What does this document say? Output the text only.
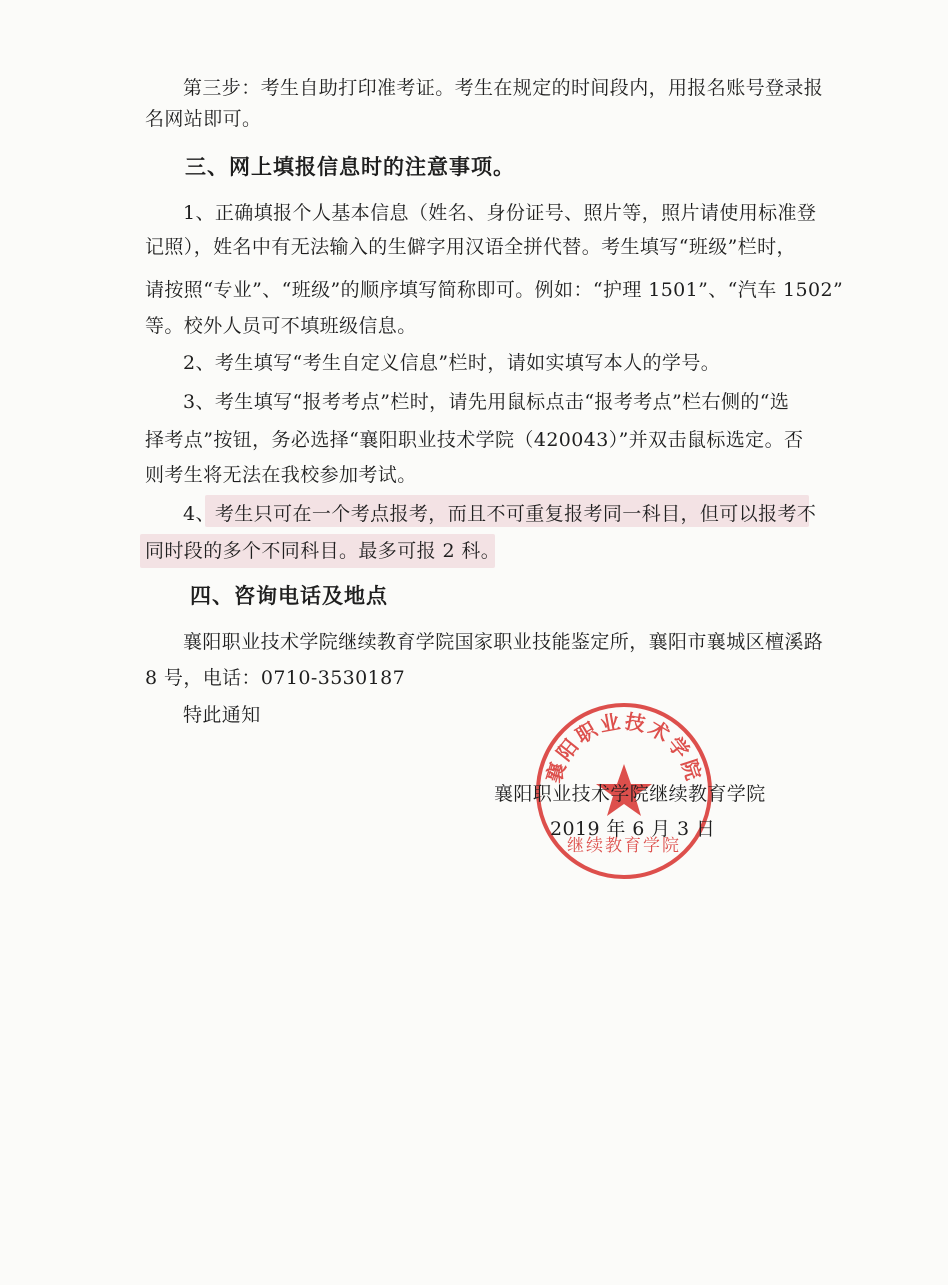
第三步：考生自助打印准考证。考生在规定的时间段内，用报名账号登录报
名网站即可。
三、网上填报信息时的注意事项。
1、正确填报个人基本信息（姓名、身份证号、照片等，照片请使用标准登
记照），姓名中有无法输入的生僻字用汉语全拼代替。考生填写“班级”栏时，
请按照“专业”、“班级”的顺序填写简称即可。例如：“护理 1501”、“汽车 1502”
等。校外人员可不填班级信息。
2、考生填写“考生自定义信息”栏时，请如实填写本人的学号。
3、考生填写“报考考点”栏时，请先用鼠标点击“报考考点”栏右侧的“选
择考点”按钮，务必选择“襄阳职业技术学院（420043）”并双击鼠标选定。否
则考生将无法在我校参加考试。
4、考生只可在一个考点报考，而且不可重复报考同一科目，但可以报考不
同时段的多个不同科目。最多可报 2 科。
四、咨询电话及地点
襄阳职业技术学院继续教育学院国家职业技能鉴定所，襄阳市襄城区檀溪路
8 号，电话：0710-3530187
特此通知
襄阳职业技术学院
继续教育学院
襄阳职业技术学院继续教育学院
2019 年 6 月 3 日
